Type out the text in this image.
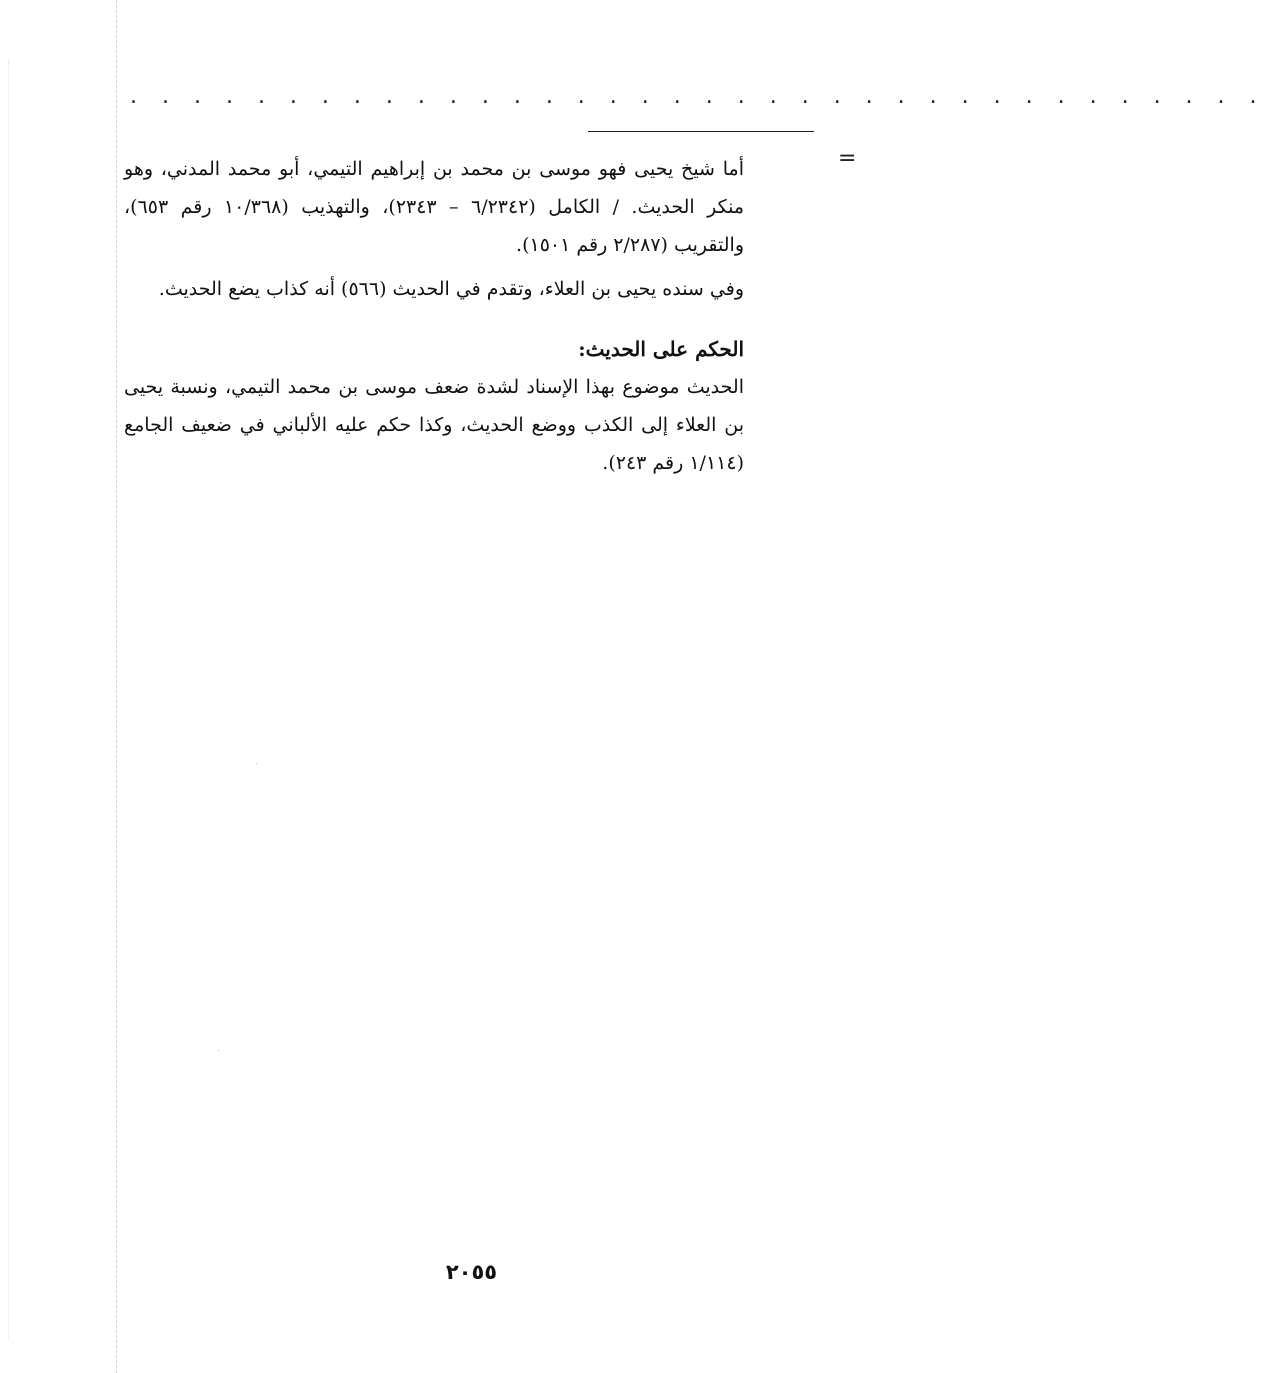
. . . . . . . . . . . . . . . . . . . . . . . . . . . . . . . . . . . .
=

أما شيخ يحيى فهو موسى بن محمد بن إبراهيم التيمي، أبو محمد المدني، وهو منكر الحديث. / الكامل (٦/٢٣٤٢ – ٢٣٤٣)، والتهذيب (١٠/٣٦٨ رقم ٦٥٣)، والتقريب (٢/٢٨٧ رقم ١٥٠١).

وفي سنده يحيى بن العلاء، وتقدم في الحديث (٥٦٦) أنه كذاب يضع الحديث.

الحكم على الحديث:

الحديث موضوع بهذا الإسناد لشدة ضعف موسى بن محمد التيمي، ونسبة يحيى بن العلاء إلى الكذب ووضع الحديث، وكذا حكم عليه الألباني في ضعيف الجامع (١/١١٤ رقم ٢٤٣).

٢٠٥٥
